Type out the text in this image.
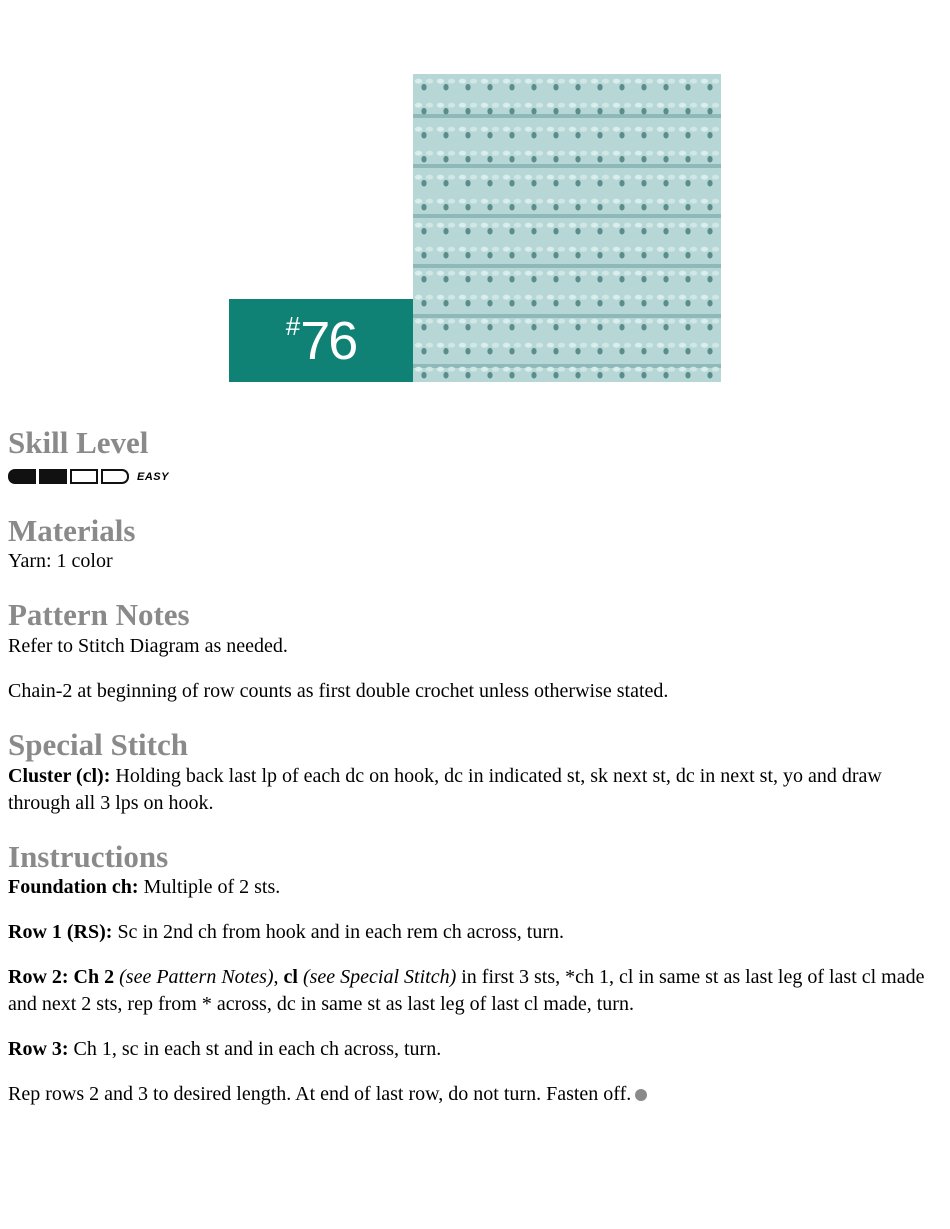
# 76
Skill Level
EASY
Materials

Yarn: 1 color

Pattern Notes

Refer to Stitch Diagram as needed.

Chain-2 at beginning of row counts as first double crochet unless otherwise stated.

Special Stitch

Cluster (cl): Holding back last lp of each dc on hook, dc in indicated st, sk next st, dc in next st, yo and draw through all 3 lps on hook.

Instructions

Foundation ch: Multiple of 2 sts.

Row 1 (RS): Sc in 2nd ch from hook and in each rem ch across, turn.

Row 2: Ch 2 (see Pattern Notes), cl (see Special Stitch) in first 3 sts, *ch 1, cl in same st as last leg of last cl made and next 2 sts, rep from * across, dc in same st as last leg of last cl made, turn.

Row 3: Ch 1, sc in each st and in each ch across, turn.

Rep rows 2 and 3 to desired length. At end of last row, do not turn. Fasten off.
